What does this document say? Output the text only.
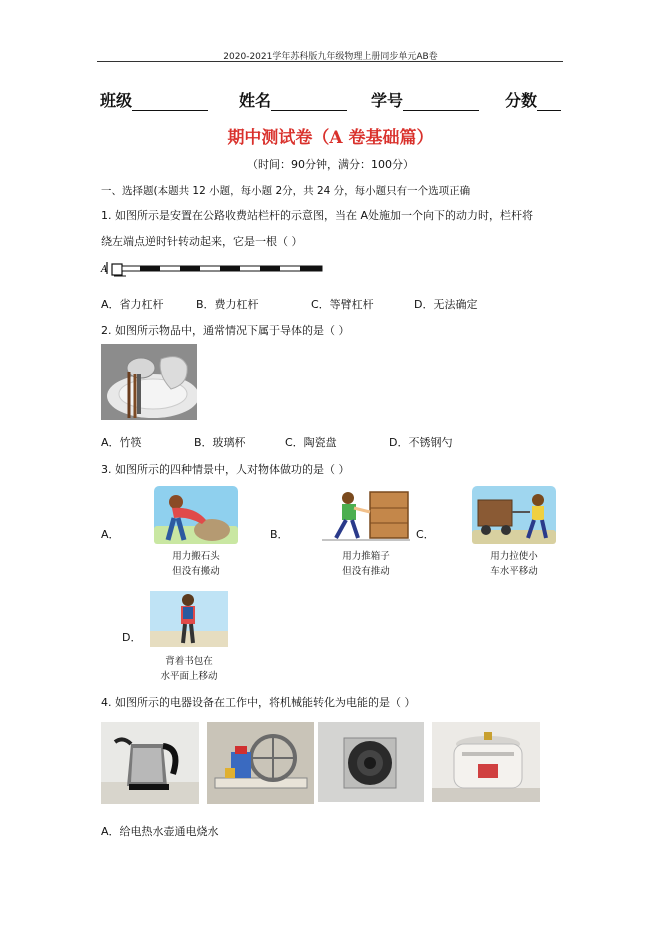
2020-2021学年苏科版九年级物理上册同步单元AB卷
班级	姓名	学号	分数
期中测试卷（A 卷基础篇）
（时间：90分钟，满分：100分）
一、选择题(本题共 12 小题，每小题 2分，共 24 分，每小题只有一个选项正确
1. 如图所示是安置在公路收费站栏杆的示意图，当在 A处施加一个向下的动力时，栏杆将
绕左端点逆时针转动起来，它是一根（ ）
A
A．省力杠杆	B．费力杠杆	C．等臂杠杆	D．无法确定
2. 如图所示物品中，通常情况下属于导体的是（ ）
A．竹筷	B．玻璃杯	C．陶瓷盘	D．不锈钢勺
3. 如图所示的四种情景中，人对物体做功的是（ ）
A．
用力搬石头
但没有搬动
B．
用力推箱子
但没有推动
C．
用力拉使小
车水平移动
D．
背着书包在
水平面上移动
4. 如图所示的电器设备在工作中，将机械能转化为电能的是（ ）
A．给电热水壶通电烧水
